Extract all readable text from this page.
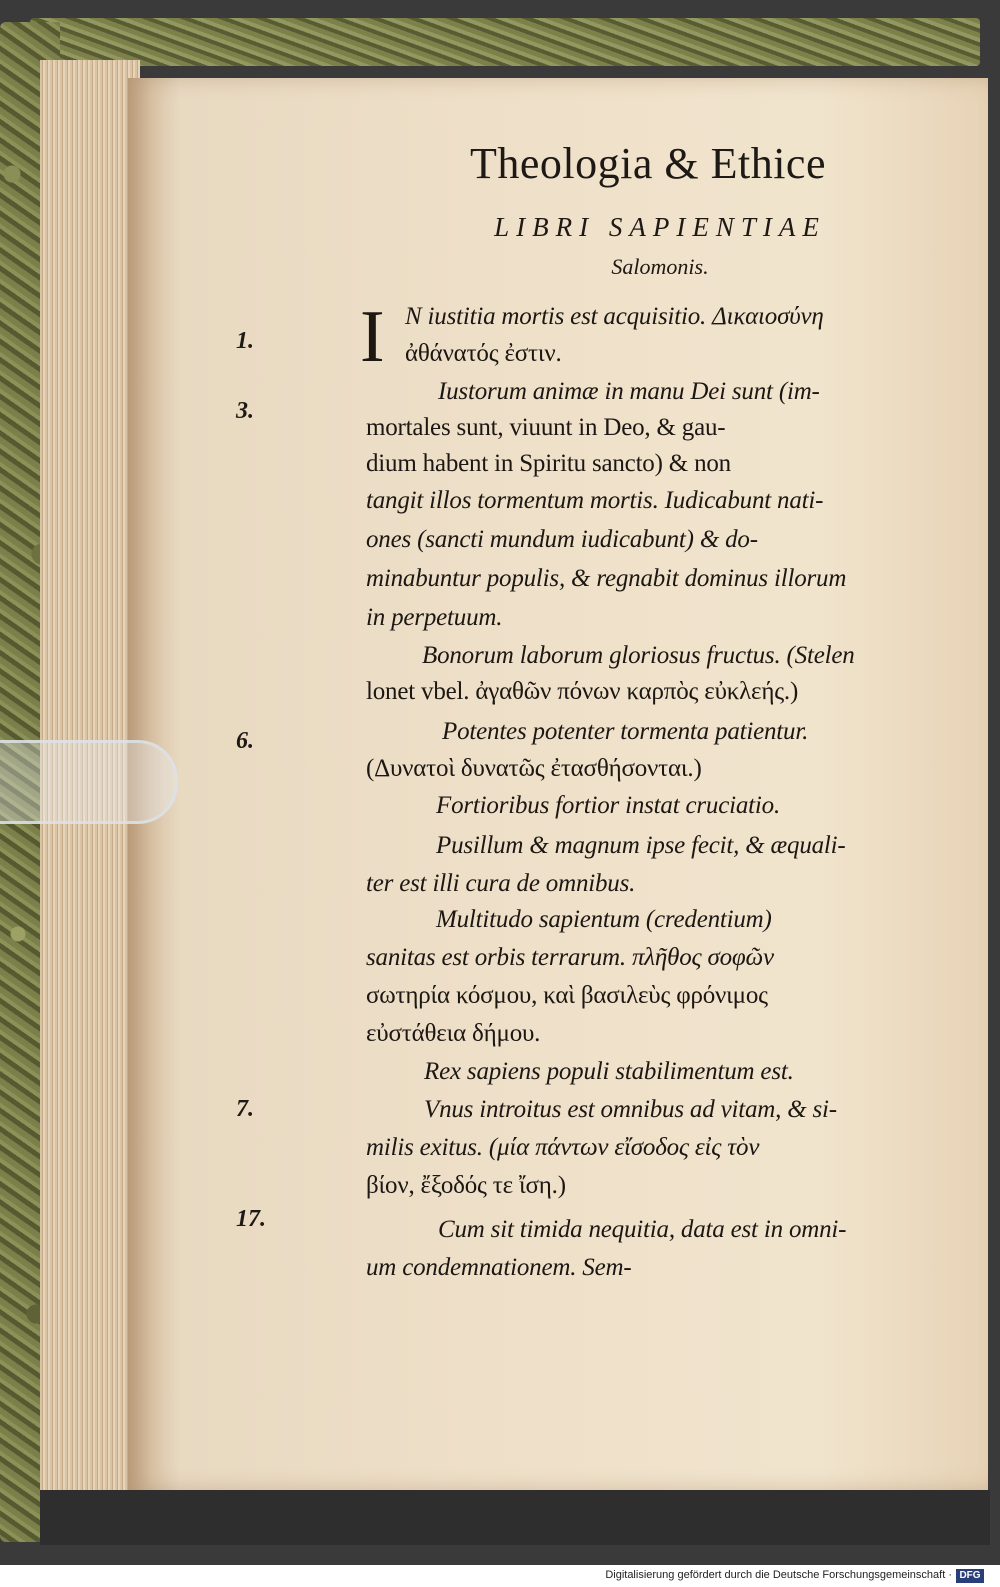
Theologia & Ethice
LIBRI SAPIENTIAE
Salomonis.
I
1.
3.
6.
7.
17.
N iustitia mortis est acquisitio. Δικαιοσύνη
ἀθάνατός ἐστιν.
Iustorum animæ in manu Dei sunt (im-
mortales sunt, viuunt in Deo, & gau-
dium habent in Spiritu sancto) & non
tangit illos tormentum mortis. Iudicabunt nati-
ones (sancti mundum iudicabunt) & do-
minabuntur populis, & regnabit dominus illorum
in perpetuum.
Bonorum laborum gloriosus fructus. (Stelen
lonet vbel. ἀγαθῶν πόνων καρπὸς εὐκλεής.)
Potentes potenter tormenta patientur.
(Δυνατοὶ δυνατῶς ἐτασθήσονται.)
Fortioribus fortior instat cruciatio.
Pusillum & magnum ipse fecit, & æquali-
ter est illi cura de omnibus.
Multitudo sapientum (credentium)
sanitas est orbis terrarum. πλῆθος σοφῶν
σωτηρία κόσμου, καὶ βασιλεὺς φρόνιμος
εὐστάθεια δήμου.
Rex sapiens populi stabilimentum est.
Vnus introitus est omnibus ad vitam, & si-
milis exitus. (μία πάντων εἴσοδος εἰς τὸν
βίον, ἔξοδός τε ἴση.)
Cum sit timida nequitia, data est in omni-
um condemnationem. Sem-
Digitalisierung gefördert durch die Deutsche Forschungsgemeinschaft · DFG
